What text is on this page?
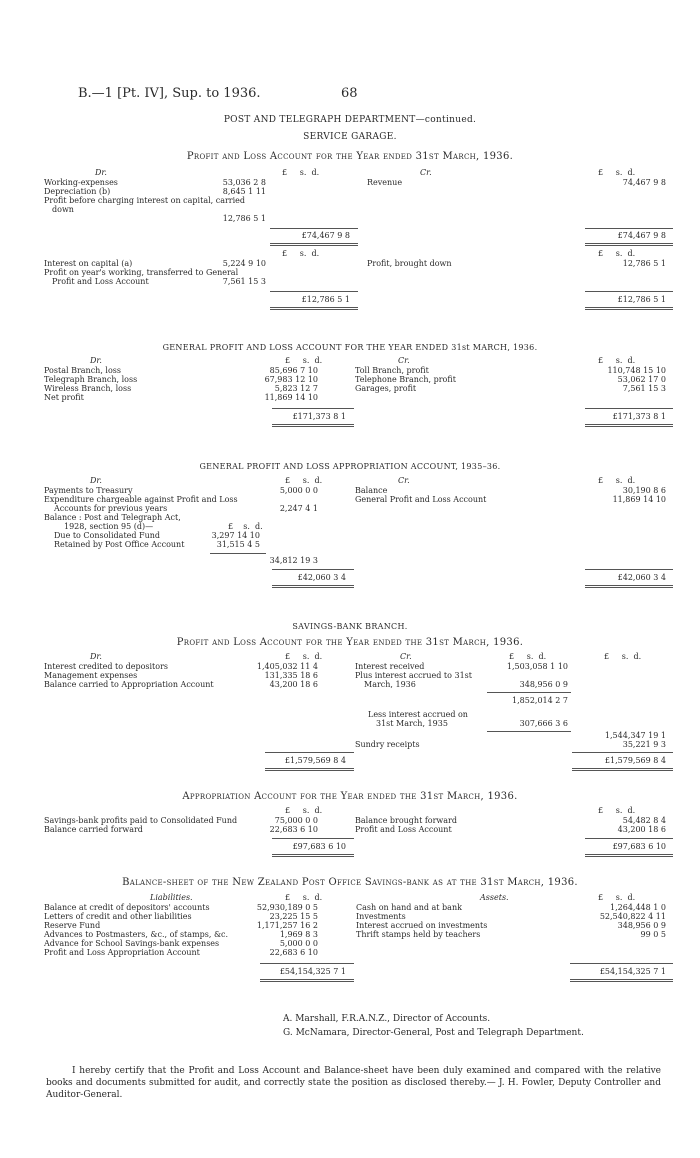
B.—1 [Pt. IV], Sup. to 1936.	68
POST AND TELEGRAPH DEPARTMENT—continued.
SERVICE GARAGE.
Profit and Loss Account for the Year ended 31st March, 1936.
Dr.	Cr.
£     s.  d.	£     s.  d.
Working-expenses	53,036 2 8
Depreciation (b)	8,645 1 11
Profit before charging interest on capital, carried
down
12,786 5 1
£74,467 9 8
Revenue	74,467 9 8
£74,467 9 8
£     s.  d.	£     s.  d.
Interest on capital (a)	5,224 9 10
Profit on year's working, transferred to General
Profit and Loss Account	7,561 15 3
£12,786 5 1
Profit, brought down	12,786 5 1
£12,786 5 1
GENERAL PROFIT AND LOSS ACCOUNT FOR THE YEAR ENDED 31st MARCH, 1936.
Dr.	Cr.
£     s.  d.	£     s.  d.
Postal Branch, loss	85,696 7 10
Telegraph Branch, loss	67,983 12 10
Wireless Branch, loss	5,823 12 7
Net profit	11,869 14 10
£171,373 8 1
Toll Branch, profit	110,748 15 10
Telephone Branch, profit	53,062 17 0
Garages, profit	7,561 15 3
£171,373 8 1
GENERAL PROFIT AND LOSS APPROPRIATION ACCOUNT, 1935–36.
Dr.	Cr.
£     s.  d.	£     s.  d.
Payments to Treasury	5,000 0 0
Expenditure chargeable against Profit and Loss
Accounts for previous years	2,247 4 1
Balance : Post and Telegraph Act,
1928, section 95 (d)—	£    s.  d.
Due to Consolidated Fund	3,297 14 10
Retained by Post Office Account	31,515 4 5
34,812 19 3
£42,060 3 4
Balance	30,190 8 6
General Profit and Loss Account	11,869 14 10
£42,060 3 4
SAVINGS-BANK BRANCH.
Profit and Loss Account for the Year ended the 31st March, 1936.
Dr.	Cr.
£     s.  d.	£     s.  d.	£     s.  d.
Interest credited to depositors	1,405,032 11 4
Management expenses	131,335 18 6
Balance carried to Appropriation Account	43,200 18 6
£1,579,569 8 4
Interest received	1,503,058 1 10
Plus interest accrued to 31st
March, 1936	348,956 0 9
1,852,014 2 7
Less interest accrued on
31st March, 1935	307,666 3 6
1,544,347 19 1
Sundry receipts	35,221 9 3
£1,579,569 8 4
Appropriation Account for the Year ended the 31st March, 1936.
£     s.  d.	£     s.  d.
Savings-bank profits paid to Consolidated Fund	75,000 0 0
Balance carried forward	22,683 6 10
£97,683 6 10
Balance brought forward	54,482 8 4
Profit and Loss Account	43,200 18 6
£97,683 6 10
Balance-sheet of the New Zealand Post Office Savings-bank as at the 31st March, 1936.
Liabilities.	Assets.
£     s.  d.	£     s.  d.
Balance at credit of depositors' accounts	52,930,189 0 5
Letters of credit and other liabilities	23,225 15 5
Reserve Fund	1,171,257 16 2
Advances to Postmasters, &c., of stamps, &c.	1,969 8 3
Advance for School Savings-bank expenses	5,000 0 0
Profit and Loss Appropriation Account	22,683 6 10
£54,154,325 7 1
Cash on hand and at bank	1,264,448 1 0
Investments	52,540,822 4 11
Interest accrued on investments	348,956 0 9
Thrift stamps held by teachers	99 0 5
£54,154,325 7 1
A. Marshall, F.R.A.N.Z., Director of Accounts.
G. McNamara, Director-General, Post and Telegraph Department.
I hereby certify that the Profit and Loss Account and Balance-sheet have been duly examined and compared with the relative books and documents submitted for audit, and correctly state the position as disclosed thereby.— J. H. Fowler, Deputy Controller and Auditor-General.
